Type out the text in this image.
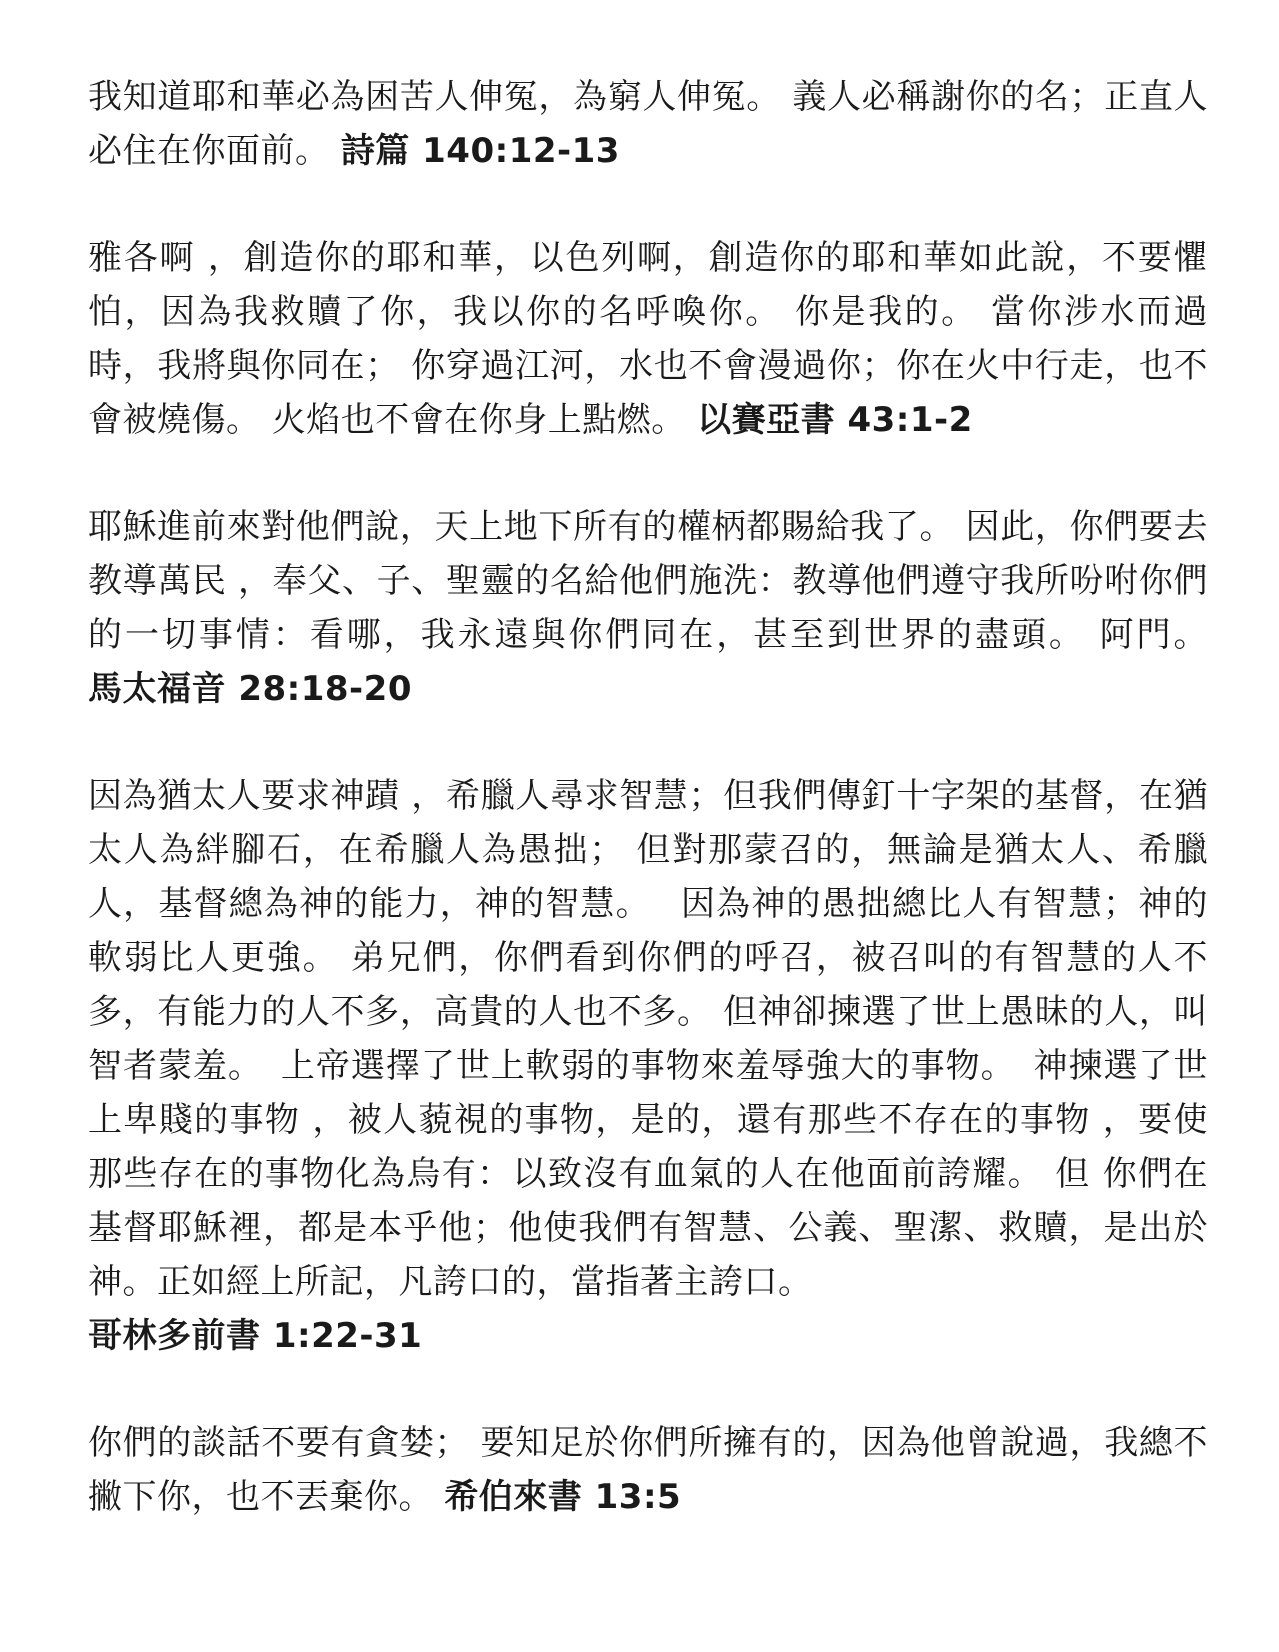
我知道耶和華必為困苦人伸冤，為窮人伸冤。 義人必稱謝你的名；正直人必住在你面前。 詩篇 140:12-13

雅各啊 ，創造你的耶和華，以色列啊，創造你的耶和華如此說，不要懼怕，因為我救贖了你，我以你的名呼喚你。 你是我的。 當你涉水而過時，我將與你同在； 你穿過江河，水也不會漫過你；你在火中行走，也不會被燒傷。 火焰也不會在你身上點燃。 以賽亞書 43:1-2

耶穌進前來對他們說，天上地下所有的權柄都賜給我了。 因此，你們要去教導萬民 ，奉父、子、聖靈的名給他們施洗：教導他們遵守我所吩咐你們的一切事情：看哪，我永遠與你們同在，甚至到世界的盡頭。 阿門。 馬太福音 28:18-20

因為猶太人要求神蹟 ，希臘人尋求智慧；但我們傳釘十字架的基督，在猶太人為絆腳石，在希臘人為愚拙； 但對那蒙召的，無論是猶太人、希臘人，基督總為神的能力，神的智慧。　 因為神的愚拙總比人有智慧；神的軟弱比人更強。 弟兄們，你們看到你們的呼召，被召叫的有智慧的人不多，有能力的人不多，高貴的人也不多。 但神卻揀選了世上愚昧的人，叫智者蒙羞。　上帝選擇了世上軟弱的事物來羞辱強大的事物。　神揀選了世上卑賤的事物 ，被人藐視的事物，是的，還有那些不存在的事物 ，要使那些存在的事物化為烏有：以致沒有血氣的人在他面前誇耀。 但 你們在基督耶穌裡，都是本乎他；他使我們有智慧、公義、聖潔、救贖，是出於神。正如經上所記，凡誇口的，當指著主誇口。
哥林多前書 1:22-31

你們的談話不要有貪婪； 要知足於你們所擁有的，因為他曾說過，我總不撇下你，也不丟棄你。 希伯來書 13:5
